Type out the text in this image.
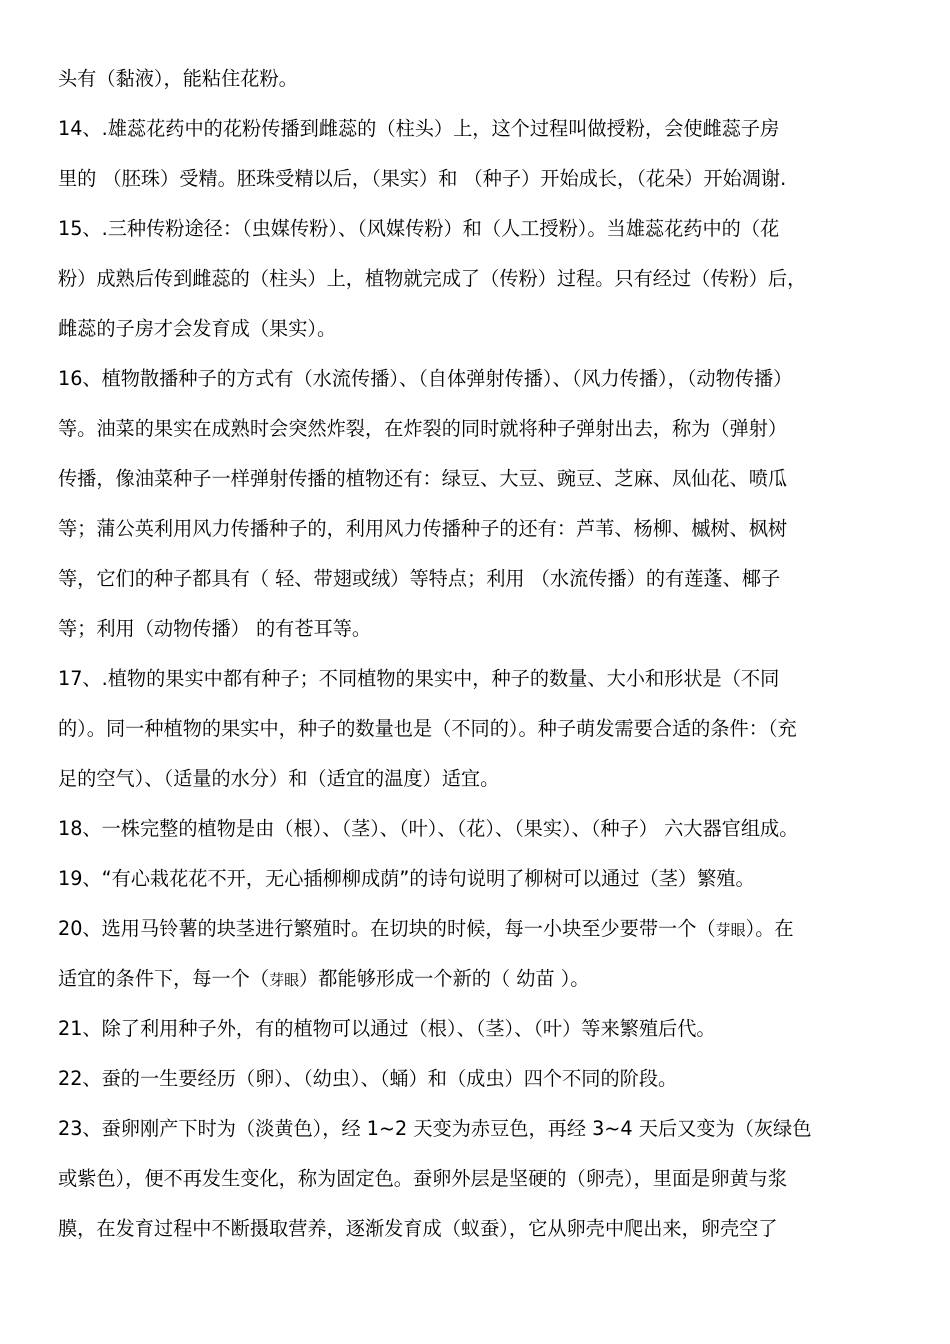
头有（黏液），能粘住花粉。
14、.雄蕊花药中的花粉传播到雌蕊的（柱头）上，这个过程叫做授粉，会使雌蕊子房
里的 （胚珠）受精。胚珠受精以后，（果实）和 （种子）开始成长，（花朵）开始凋谢.
15、.三种传粉途径：（虫媒传粉）、（风媒传粉）和（人工授粉）。当雄蕊花药中的（花
粉）成熟后传到雌蕊的（柱头）上，植物就完成了（传粉）过程。只有经过（传粉）后，
雌蕊的子房才会发育成（果实）。
16、植物散播种子的方式有（水流传播）、（自体弹射传播）、（风力传播），（动物传播）
等。油菜的果实在成熟时会突然炸裂，在炸裂的同时就将种子弹射出去，称为（弹射）
传播，像油菜种子一样弹射传播的植物还有：绿豆、大豆、豌豆、芝麻、凤仙花、喷瓜
等；蒲公英利用风力传播种子的，利用风力传播种子的还有：芦苇、杨柳、槭树、枫树
等，它们的种子都具有（ 轻、带翅或绒）等特点；利用 （水流传播）的有莲蓬、椰子
等；利用（动物传播） 的有苍耳等。
17、.植物的果实中都有种子；不同植物的果实中，种子的数量、大小和形状是（不同
的）。同一种植物的果实中，种子的数量也是（不同的）。种子萌发需要合适的条件：（充
足的空气）、（适量的水分）和（适宜的温度）适宜。
18、一株完整的植物是由（根）、（茎）、（叶）、（花）、（果实）、（种子） 六大器官组成。
19、“有心栽花花不开，无心插柳柳成荫”的诗句说明了柳树可以通过（茎）繁殖。
20、选用马铃薯的块茎进行繁殖时。在切块的时候，每一小块至少要带一个（芽眼）。在
适宜的条件下，每一个（芽眼）都能够形成一个新的（ 幼苗 ）。
21、除了利用种子外，有的植物可以通过（根）、（茎）、（叶）等来繁殖后代。
22、蚕的一生要经历（卵）、（幼虫）、（蛹）和（成虫）四个不同的阶段。
23、蚕卵刚产下时为（淡黄色），经 1~2 天变为赤豆色，再经 3~4 天后又变为（灰绿色
或紫色），便不再发生变化，称为固定色。蚕卵外层是坚硬的（卵壳），里面是卵黄与浆
膜，在发育过程中不断摄取营养，逐渐发育成（蚁蚕），它从卵壳中爬出来，卵壳空了
